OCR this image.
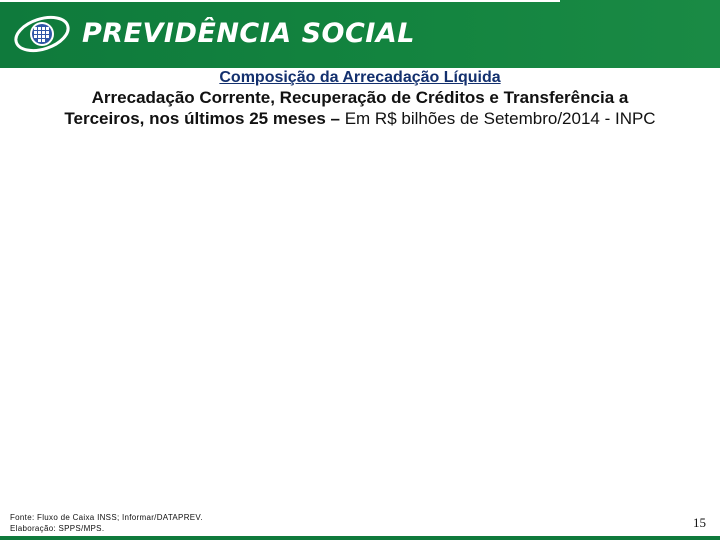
PREVIDÊNCIA SOCIAL
Composição da Arrecadação Líquida
Arrecadação Corrente, Recuperação de Créditos e Transferência a
Terceiros, nos últimos 25 meses – Em R$ bilhões de Setembro/2014 - INPC
Fonte: Fluxo de Caixa INSS; Informar/DATAPREV.
Elaboração: SPPS/MPS.	15
